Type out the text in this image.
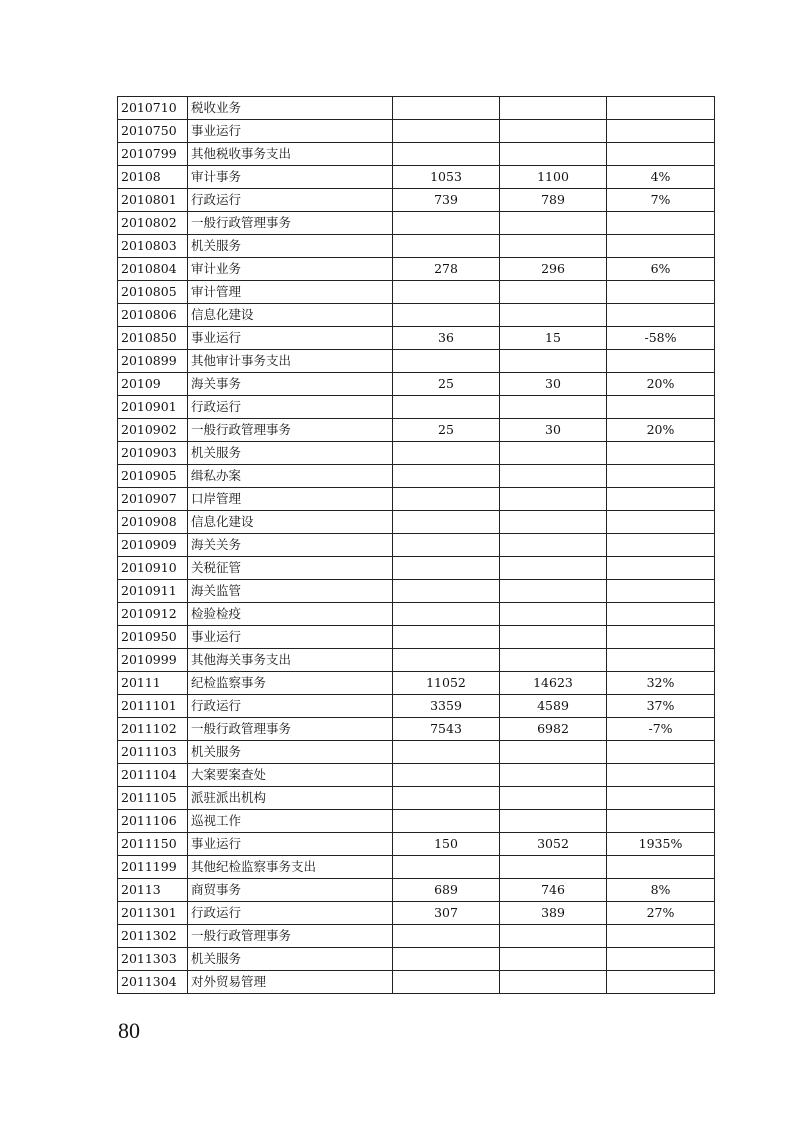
2010710	税收业务			
2010750	事业运行			
2010799	其他税收事务支出			
20108	审计事务	1053	1100	4%
2010801	行政运行	739	789	7%
2010802	一般行政管理事务			
2010803	机关服务			
2010804	审计业务	278	296	6%
2010805	审计管理			
2010806	信息化建设			
2010850	事业运行	36	15	-58%
2010899	其他审计事务支出			
20109	海关事务	25	30	20%
2010901	行政运行			
2010902	一般行政管理事务	25	30	20%
2010903	机关服务			
2010905	缉私办案			
2010907	口岸管理			
2010908	信息化建设			
2010909	海关关务			
2010910	关税征管			
2010911	海关监管			
2010912	检验检疫			
2010950	事业运行			
2010999	其他海关事务支出			
20111	纪检监察事务	11052	14623	32%
2011101	行政运行	3359	4589	37%
2011102	一般行政管理事务	7543	6982	-7%
2011103	机关服务			
2011104	大案要案查处			
2011105	派驻派出机构			
2011106	巡视工作			
2011150	事业运行	150	3052	1935%
2011199	其他纪检监察事务支出			
20113	商贸事务	689	746	8%
2011301	行政运行	307	389	27%
2011302	一般行政管理事务			
2011303	机关服务			
2011304	对外贸易管理			
80
